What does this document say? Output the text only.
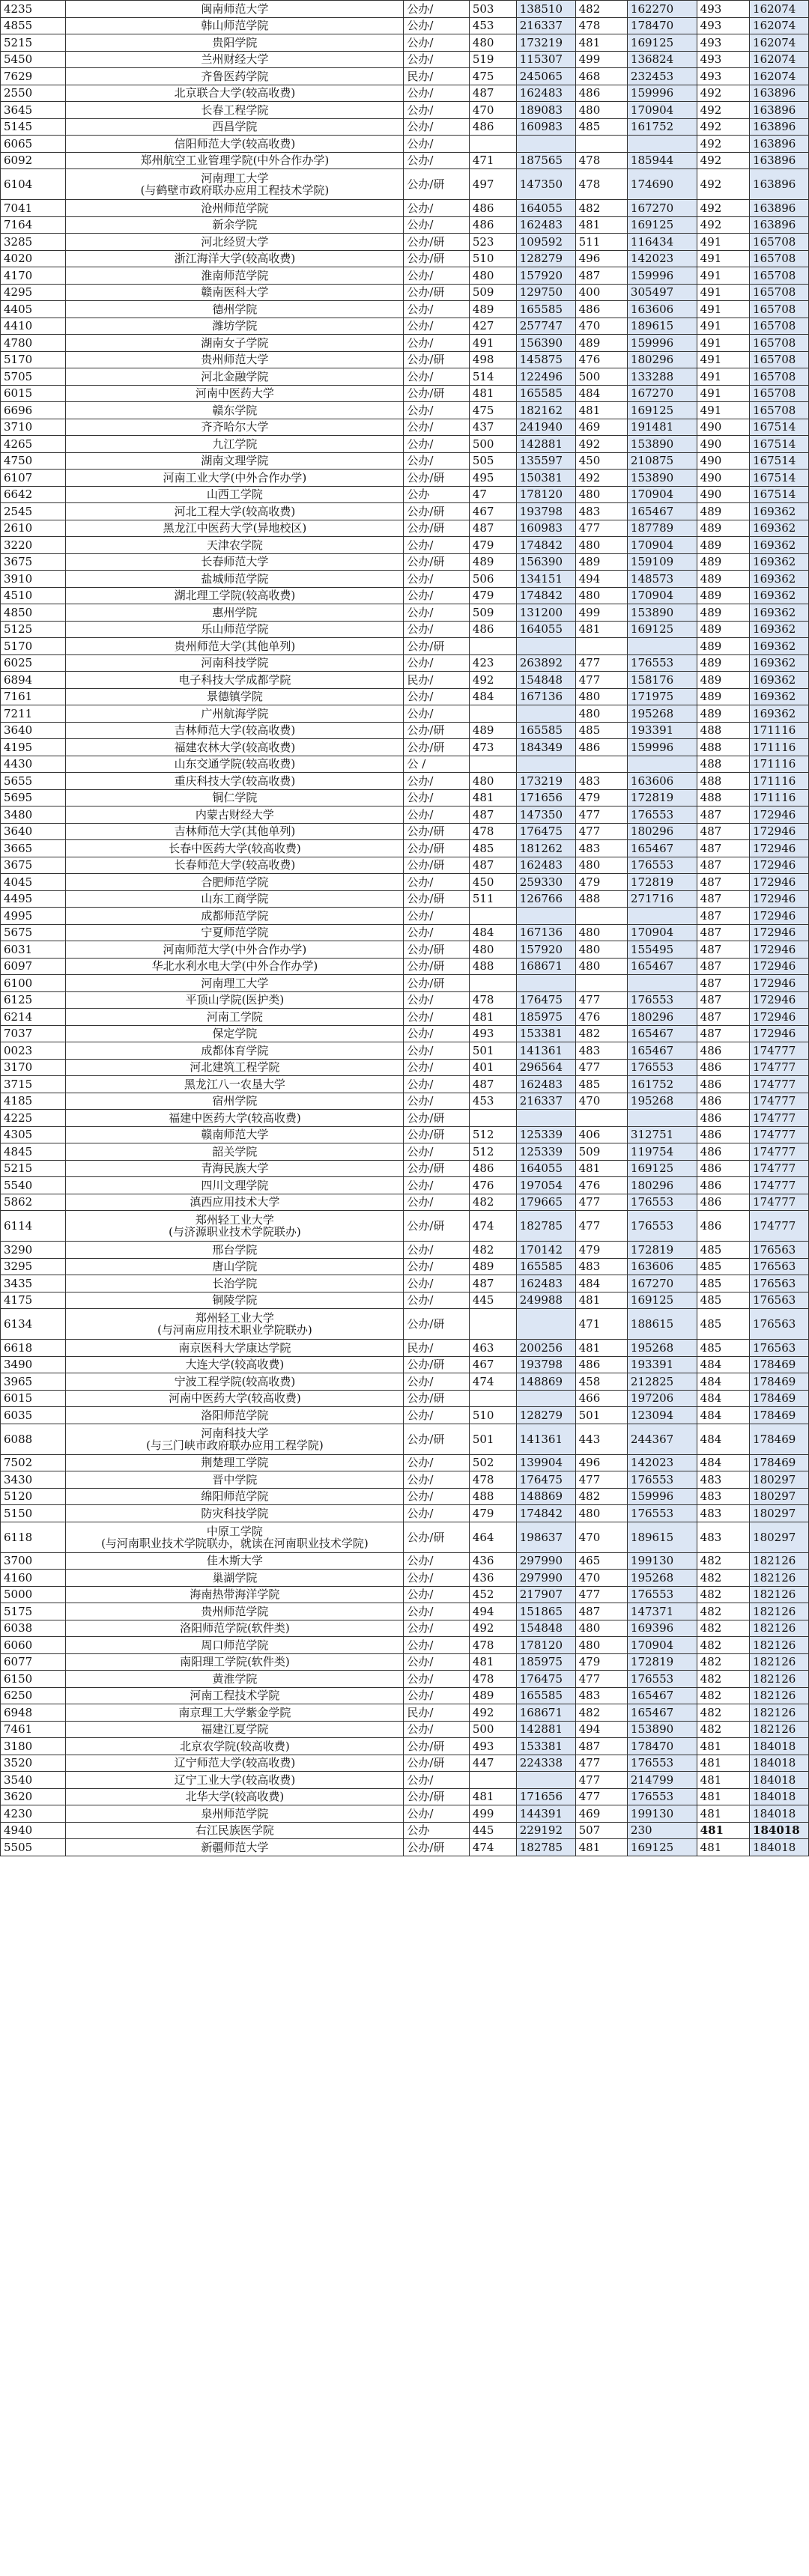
4235	闽南师范大学	公办/	503	138510	482	162270	493	162074
4855	韩山师范学院	公办/	453	216337	478	178470	493	162074
5215	贵阳学院	公办/	480	173219	481	169125	493	162074
5450	兰州财经大学	公办/	519	115307	499	136824	493	162074
7629	齐鲁医药学院	民办/	475	245065	468	232453	493	162074
2550	北京联合大学(较高收费)	公办/	487	162483	486	159996	492	163896
3645	长春工程学院	公办/	470	189083	480	170904	492	163896
5145	西昌学院	公办/	486	160983	485	161752	492	163896
6065	信阳师范大学(较高收费)	公办/					492	163896
6092	郑州航空工业管理学院(中外合作办学)	公办/	471	187565	478	185944	492	163896
6104	河南理工大学
(与鹤壁市政府联办应用工程技术学院)	公办/研	497	147350	478	174690	492	163896
7041	沧州师范学院	公办/	486	164055	482	167270	492	163896
7164	新余学院	公办/	486	162483	481	169125	492	163896
3285	河北经贸大学	公办/研	523	109592	511	116434	491	165708
4020	浙江海洋大学(较高收费)	公办/研	510	128279	496	142023	491	165708
4170	淮南师范学院	公办/	480	157920	487	159996	491	165708
4295	赣南医科大学	公办/研	509	129750	400	305497	491	165708
4405	德州学院	公办/	489	165585	486	163606	491	165708
4410	潍坊学院	公办/	427	257747	470	189615	491	165708
4780	湖南女子学院	公办/	491	156390	489	159996	491	165708
5170	贵州师范大学	公办/研	498	145875	476	180296	491	165708
5705	河北金融学院	公办/	514	122496	500	133288	491	165708
6015	河南中医药大学	公办/研	481	165585	484	167270	491	165708
6696	赣东学院	公办/	475	182162	481	169125	491	165708
3710	齐齐哈尔大学	公办/	437	241940	469	191481	490	167514
4265	九江学院	公办/	500	142881	492	153890	490	167514
4750	湖南文理学院	公办/	505	135597	450	210875	490	167514
6107	河南工业大学(中外合作办学)	公办/研	495	150381	492	153890	490	167514
6642	山西工学院	公办	47	178120	480	170904	490	167514
2545	河北工程大学(较高收费)	公办/研	467	193798	483	165467	489	169362
2610	黑龙江中医药大学(异地校区)	公办/研	487	160983	477	187789	489	169362
3220	天津农学院	公办/	479	174842	480	170904	489	169362
3675	长春师范大学	公办/研	489	156390	489	159109	489	169362
3910	盐城师范学院	公办/	506	134151	494	148573	489	169362
4510	湖北理工学院(较高收费)	公办/	479	174842	480	170904	489	169362
4850	惠州学院	公办/	509	131200	499	153890	489	169362
5125	乐山师范学院	公办/	486	164055	481	169125	489	169362
5170	贵州师范大学(其他单列)	公办/研					489	169362
6025	河南科技学院	公办/	423	263892	477	176553	489	169362
6894	电子科技大学成都学院	民办/	492	154848	477	158176	489	169362
7161	景德镇学院	公办/	484	167136	480	171975	489	169362
7211	广州航海学院	公办/			480	195268	489	169362
3640	吉林师范大学(较高收费)	公办/研	489	165585	485	193391	488	171116
4195	福建农林大学(较高收费)	公办/研	473	184349	486	159996	488	171116
4430	山东交通学院(较高收费)	公 /					488	171116
5655	重庆科技大学(较高收费)	公办/	480	173219	483	163606	488	171116
5695	铜仁学院	公办/	481	171656	479	172819	488	171116
3480	内蒙古财经大学	公办/	487	147350	477	176553	487	172946
3640	吉林师范大学(其他单列)	公办/研	478	176475	477	180296	487	172946
3665	长春中医药大学(较高收费)	公办/研	485	181262	483	165467	487	172946
3675	长春师范大学(较高收费)	公办/研	487	162483	480	176553	487	172946
4045	合肥师范学院	公办/	450	259330	479	172819	487	172946
4495	山东工商学院	公办/研	511	126766	488	271716	487	172946
4995	成都师范学院	公办/					487	172946
5675	宁夏师范学院	公办/	484	167136	480	170904	487	172946
6031	河南师范大学(中外合作办学)	公办/研	480	157920	480	155495	487	172946
6097	华北水利水电大学(中外合作办学)	公办/研	488	168671	480	165467	487	172946
6100	河南理工大学	公办/研					487	172946
6125	平顶山学院(医护类)	公办/	478	176475	477	176553	487	172946
6214	河南工学院	公办/	481	185975	476	180296	487	172946
7037	保定学院	公办/	493	153381	482	165467	487	172946
0023	成都体育学院	公办/	501	141361	483	165467	486	174777
3170	河北建筑工程学院	公办/	401	296564	477	176553	486	174777
3715	黑龙江八一农垦大学	公办/	487	162483	485	161752	486	174777
4185	宿州学院	公办/	453	216337	470	195268	486	174777
4225	福建中医药大学(较高收费)	公办/研					486	174777
4305	赣南师范大学	公办/研	512	125339	406	312751	486	174777
4845	韶关学院	公办/	512	125339	509	119754	486	174777
5215	青海民族大学	公办/研	486	164055	481	169125	486	174777
5540	四川文理学院	公办/	476	197054	476	180296	486	174777
5862	滇西应用技术大学	公办/	482	179665	477	176553	486	174777
6114	郑州轻工业大学
(与济源职业技术学院联办)	公办/研	474	182785	477	176553	486	174777
3290	邢台学院	公办/	482	170142	479	172819	485	176563
3295	唐山学院	公办/	489	165585	483	163606	485	176563
3435	长治学院	公办/	487	162483	484	167270	485	176563
4175	铜陵学院	公办/	445	249988	481	169125	485	176563
6134	郑州轻工业大学
(与河南应用技术职业学院联办)	公办/研			471	188615	485	176563
6618	南京医科大学康达学院	民办/	463	200256	481	195268	485	176563
3490	大连大学(较高收费)	公办/研	467	193798	486	193391	484	178469
3965	宁波工程学院(较高收费)	公办/	474	148869	458	212825	484	178469
6015	河南中医药大学(较高收费)	公办/研			466	197206	484	178469
6035	洛阳师范学院	公办/	510	128279	501	123094	484	178469
6088	河南科技大学
(与三门峡市政府联办应用工程学院)	公办/研	501	141361	443	244367	484	178469
7502	荆楚理工学院	公办/	502	139904	496	142023	484	178469
3430	晋中学院	公办/	478	176475	477	176553	483	180297
5120	绵阳师范学院	公办/	488	148869	482	159996	483	180297
5150	防灾科技学院	公办/	479	174842	480	176553	483	180297
6118	中原工学院
(与河南职业技术学院联办，就读在河南职业技术学院)	公办/研	464	198637	470	189615	483	180297
3700	佳木斯大学	公办/	436	297990	465	199130	482	182126
4160	巢湖学院	公办/	436	297990	470	195268	482	182126
5000	海南热带海洋学院	公办/	452	217907	477	176553	482	182126
5175	贵州师范学院	公办/	494	151865	487	147371	482	182126
6038	洛阳师范学院(软件类)	公办/	492	154848	480	169396	482	182126
6060	周口师范学院	公办/	478	178120	480	170904	482	182126
6077	南阳理工学院(软件类)	公办/	481	185975	479	172819	482	182126
6150	黄淮学院	公办/	478	176475	477	176553	482	182126
6250	河南工程技术学院	公办/	489	165585	483	165467	482	182126
6948	南京理工大学紫金学院	民办/	492	168671	482	165467	482	182126
7461	福建江夏学院	公办/	500	142881	494	153890	482	182126
3180	北京农学院(较高收费)	公办/研	493	153381	487	178470	481	184018
3520	辽宁师范大学(较高收费)	公办/研	447	224338	477	176553	481	184018
3540	辽宁工业大学(较高收费)	公办/			477	214799	481	184018
3620	北华大学(较高收费)	公办/研	481	171656	477	176553	481	184018
4230	泉州师范学院	公办/	499	144391	469	199130	481	184018
4940	右江民族医学院	公办	445	229192	507	230	481	184018
5505	新疆师范大学	公办/研	474	182785	481	169125	481	184018
